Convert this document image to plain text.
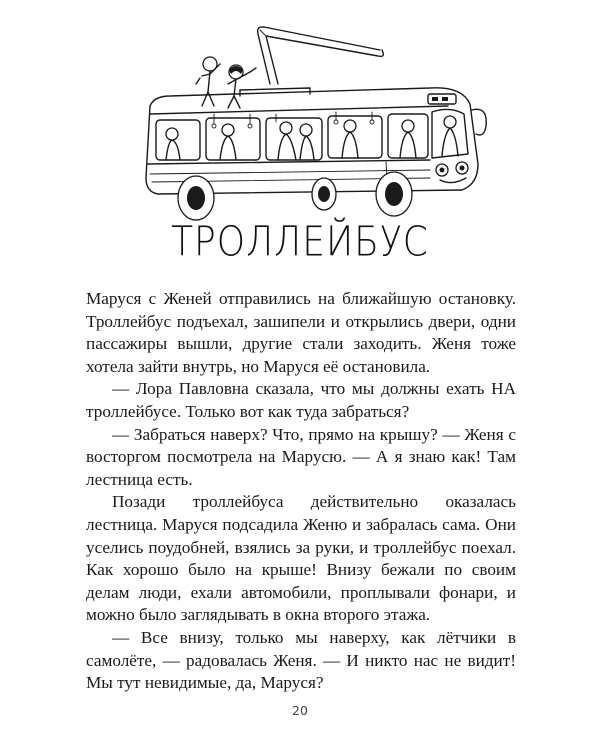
ТРОЛЛЕЙБУС

Маруся с Женей отправились на ближайшую остановку. Троллейбус подъехал, зашипели и открылись двери, одни пассажиры вышли, другие стали заходить. Женя тоже хотела зайти внутрь, но Маруся её остановила.

— Лора Павловна сказала, что мы должны ехать НА троллейбусе. Только вот как туда забраться?

— Забраться наверх? Что, прямо на крышу? — Женя с восторгом посмотрела на Марусю. — А я знаю как! Там лестница есть.

Позади троллейбуса действительно оказалась лестница. Маруся подсадила Женю и забралась сама. Они уселись поудобней, взялись за руки, и троллейбус поехал. Как хорошо было на крыше! Внизу бежали по своим делам люди, ехали автомобили, проплывали фонари, и можно было заглядывать в окна второго этажа.

— Все внизу, только мы наверху, как лётчики в самолёте, — радовалась Женя. — И никто нас не видит! Мы тут невидимые, да, Маруся?

20
